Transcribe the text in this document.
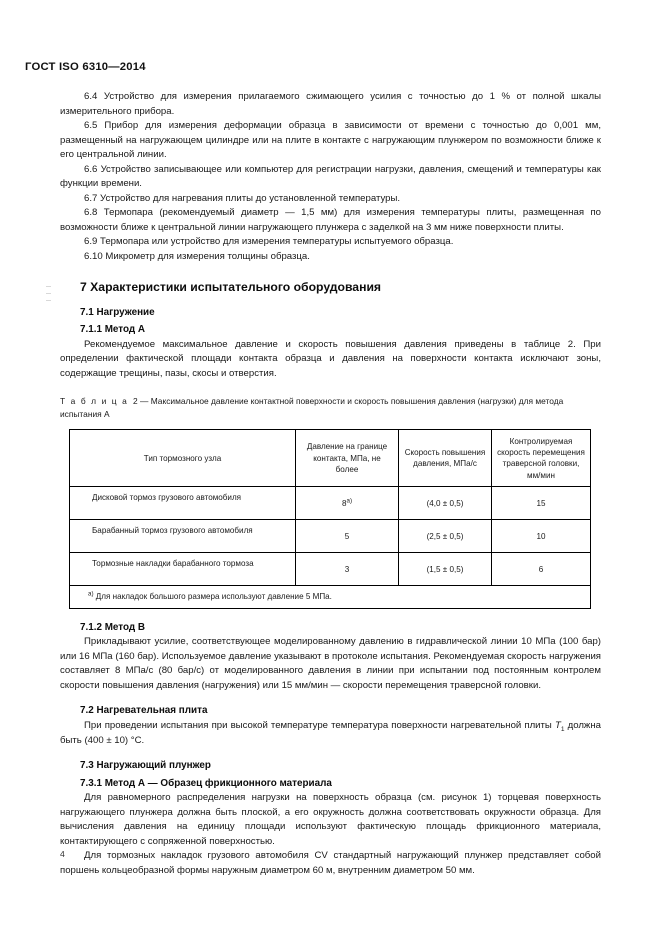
ГОСТ ISO 6310—2014

6.4 Устройство для измерения прилагаемого сжимающего усилия с точностью до 1 % от полной шкалы измерительного прибора.

6.5 Прибор для измерения деформации образца в зависимости от времени с точностью до 0,001 мм, размещенный на нагружающем цилиндре или на плите в контакте с нагружающим плунжером по возможности ближе к его центральной линии.

6.6 Устройство записывающее или компьютер для регистрации нагрузки, давления, смещений и температуры как функции времени.

6.7 Устройство для нагревания плиты до установленной температуры.

6.8 Термопара (рекомендуемый диаметр — 1,5 мм) для измерения температуры плиты, размещенная по возможности ближе к центральной линии нагружающего плунжера с заделкой на 3 мм ниже поверхности плиты.

6.9 Термопара или устройство для измерения температуры испытуемого образца.

6.10 Микрометр для измерения толщины образца.

7 Характеристики испытательного оборудования
7.1 Нагружение
7.1.1 Метод А

Рекомендуемое максимальное давление и скорость повышения давления приведены в таблице 2. При определении фактической площади контакта образца и давления на поверхности контакта исключают зоны, содержащие трещины, пазы, скосы и отверстия.

Т а б л и ц а 2 — Максимальное давление контактной поверхности и скорость повышения давления (нагрузки) для метода испытания А

Тип тормозного узла	Давление на границе контакта, МПа, не более	Скорость повышения давления, МПа/с	Контролируемая скорость перемещения траверсной головки, мм/мин
Дисковой тормоз грузового автомобиля	8$^{а)}$	(4,0 ± 0,5)	15
Барабанный тормоз грузового автомобиля	5	(2,5 ± 0,5)	10
Тормозные накладки барабанного тормоза	3	(1,5 ± 0,5)	6
$^{а)}$ Для накладок большого размера используют давление 5 МПа.			
7.1.2 Метод В

Прикладывают усилие, соответствующее моделированному давлению в гидравлической линии 10 МПа (100 бар) или 16 МПа (160 бар). Используемое давление указывают в протоколе испытания. Рекомендуемая скорость нагружения составляет 8 МПа/с (80 бар/с) от моделированного давления в линии при испытании под постоянным контролем скорости повышения давления (нагружения) или 15 мм/мин — скорости перемещения траверсной головки.

7.2 Нагревательная плита

При проведении испытания при высокой температуре температура поверхности нагревательной плиты $T_1$ должна быть (400 ± 10) °С.

7.3 Нагружающий плунжер
7.3.1 Метод А — Образец фрикционного материала

Для равномерного распределения нагрузки на поверхность образца (см. рисунок 1) торцевая поверхность нагружающего плунжера должна быть плоской, а его окружность должна соответствовать окружности образца. Для вычисления давления на единицу площади используют фактическую площадь фрикционного материала, контактирующего с сопряженной поверхностью.

Для тормозных накладок грузового автомобиля CV стандартный нагружающий плунжер представляет собой поршень кольцеобразной формы наружным диаметром 60 м, внутренним диаметром 50 мм.

4
